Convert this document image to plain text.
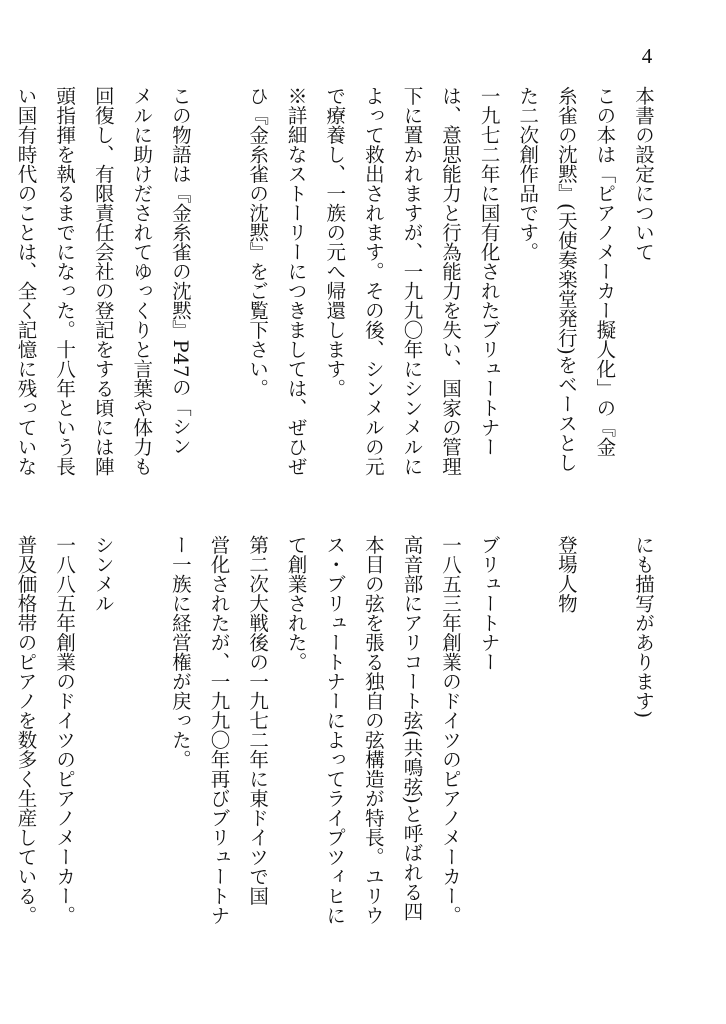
4
本書の設定について
この本は「ピアノメーカー擬人化」の『金
糸雀の沈黙』(天使奏楽堂発行)をベースとし
た二次創作品です。
一九七二年に国有化されたブリュートナー
は、意思能力と行為能力を失い、国家の管理
下に置かれますが、一九九〇年にシンメルに
よって救出されます。その後、シンメルの元
で療養し、一族の元へ帰還します。
※詳細なストーリーにつきましては、ぜひぜ
ひ『金糸雀の沈黙』をご覧下さい。

この物語は『金糸雀の沈黙』P47の「シン
メルに助けだされてゆっくりと言葉や体力も
回復し、有限責任会社の登記をする頃には陣
頭指揮を執るまでになった。十八年という長
い国有時代のことは、全く記憶に残っていな
にも描写があります)

登場人物

ブリュートナー
一八五三年創業のドイツのピアノメーカー。
高音部にアリコート弦(共鳴弦)と呼ばれる四
本目の弦を張る独自の弦構造が特長。ユリウ
ス・ブリュートナーによってライプツィヒに
て創業された。
第二次大戦後の一九七二年に東ドイツで国
営化されたが、一九九〇年再びブリュートナ
ー一族に経営権が戻った。

シンメル
一八八五年創業のドイツのピアノメーカー。
普及価格帯のピアノを数多く生産している。
